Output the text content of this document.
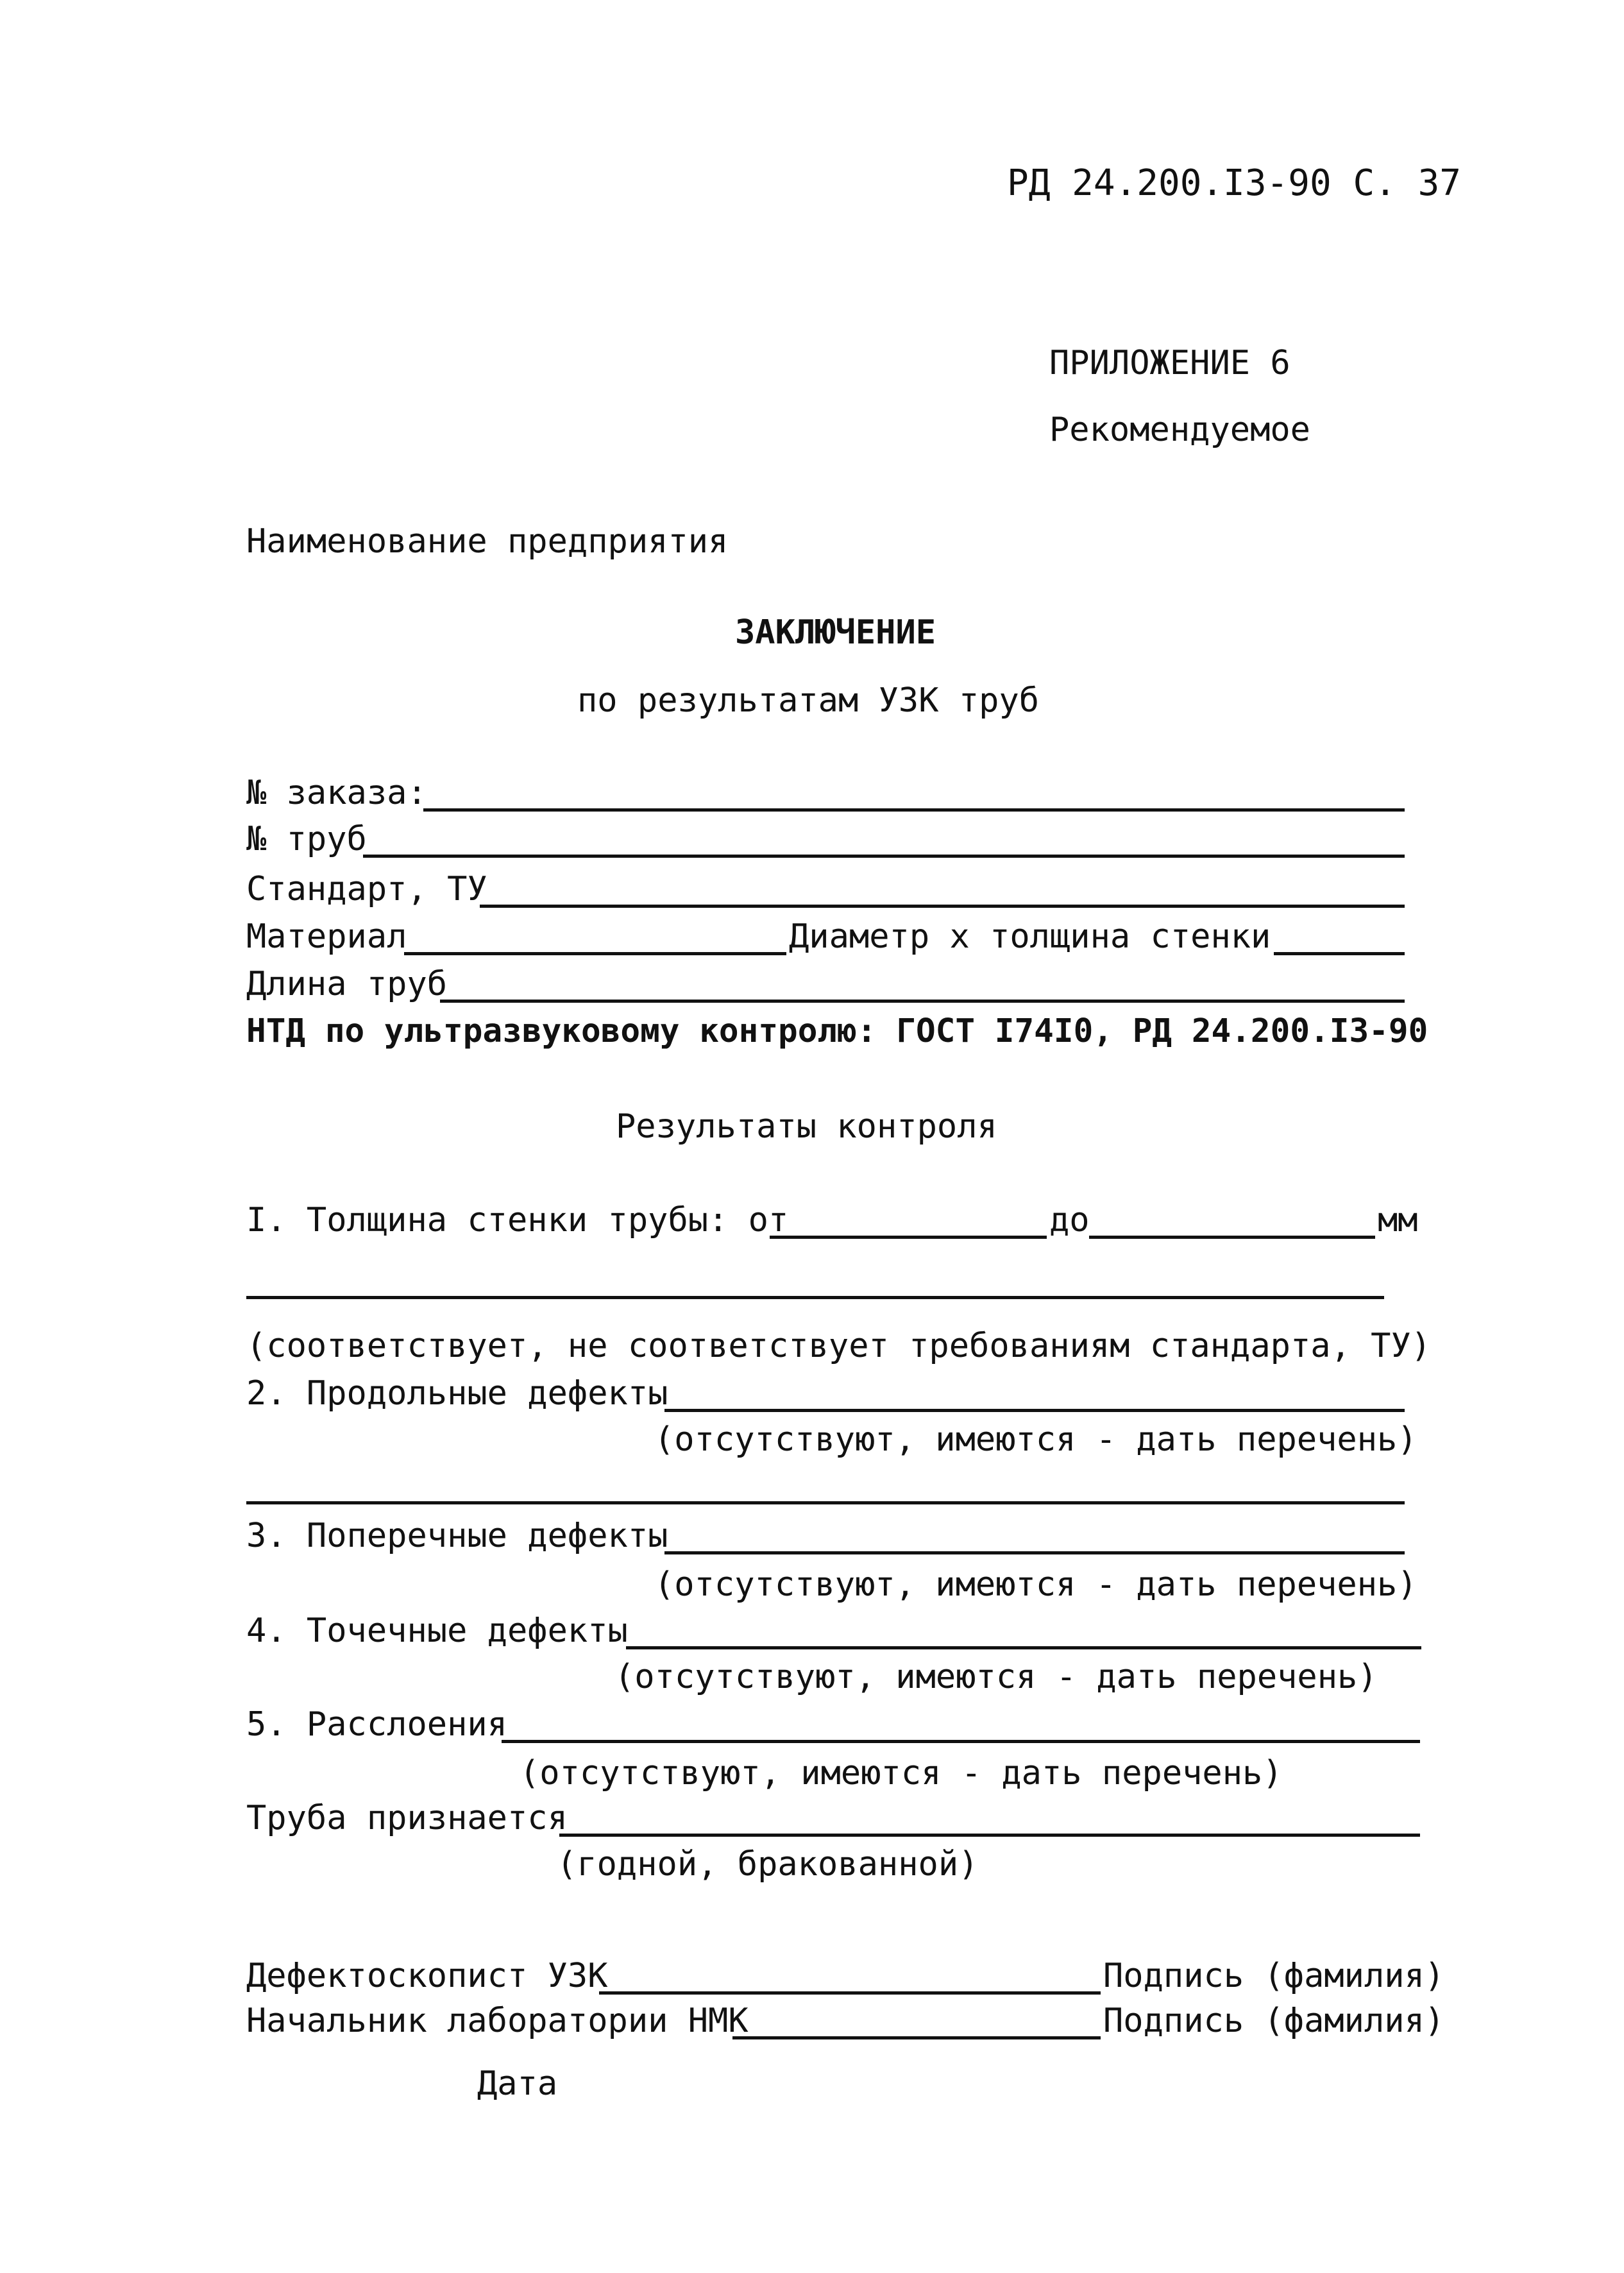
РД 24.200.I3-90 С. 37
ПРИЛОЖЕНИЕ 6
Рекомендуемое
Наименование предприятия
ЗАКЛЮЧЕНИЕ
по результатам УЗК труб
№ заказа:
№ труб
Стандарт, ТУ
Материал	Диаметр х толщина стенки
Длина труб
НТД по ультразвуковому контролю: ГОСТ I74I0, РД 24.200.I3-90
Результаты контроля
I. Толщина стенки трубы: от	до	мм
(соответствует, не соответствует требованиям стандарта, ТУ)
2. Продольные дефекты
(отсутствуют, имеются - дать перечень)
3. Поперечные дефекты
(отсутствуют, имеются - дать перечень)
4. Точечные дефекты
(отсутствуют, имеются - дать перечень)
5. Расслоения
(отсутствуют, имеются - дать перечень)
Труба признается
(годной, бракованной)
Дефектоскопист УЗК	Подпись (фамилия)
Начальник лаборатории НМК	Подпись (фамилия)
Дата
